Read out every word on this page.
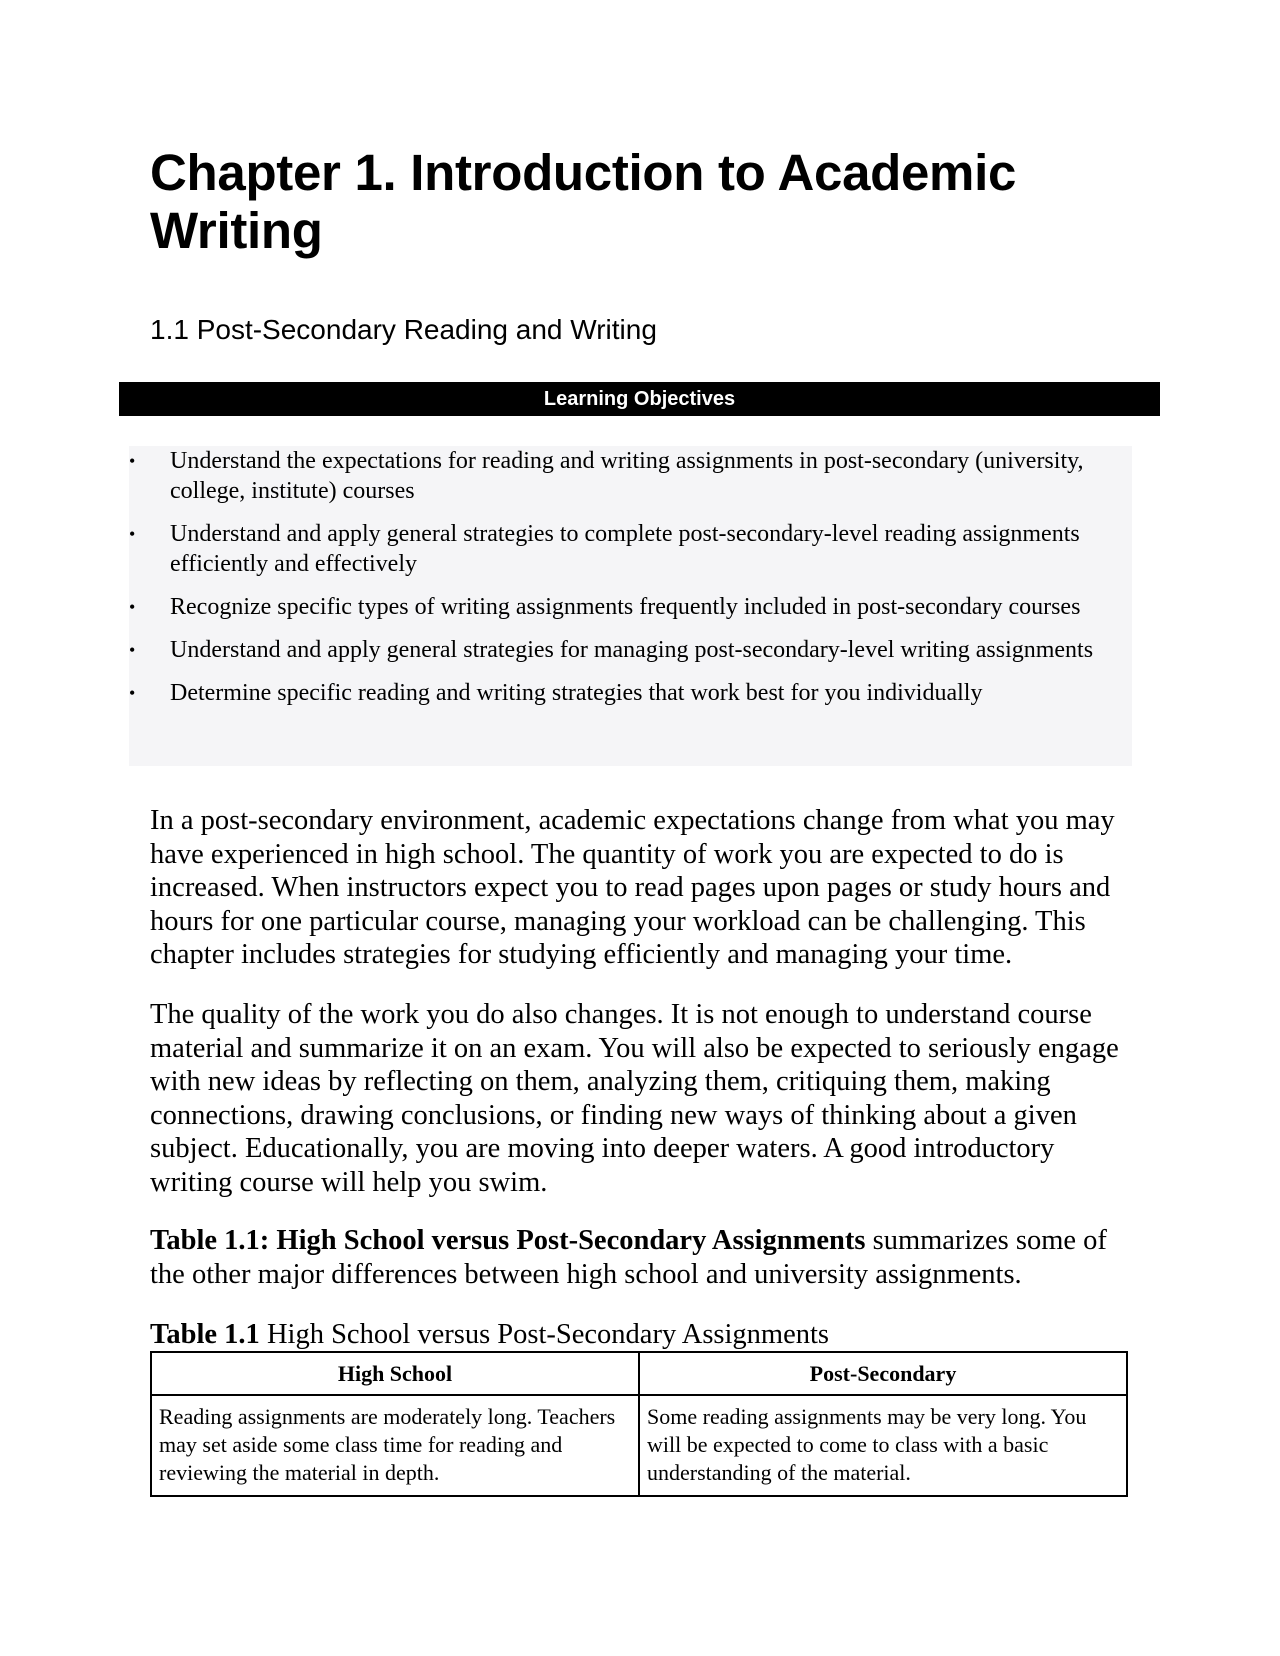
Chapter 1. Introduction to Academic Writing
1.1 Post-Secondary Reading and Writing
Learning Objectives
• Understand the expectations for reading and writing assignments in post-secondary (university, college, institute) courses
• Understand and apply general strategies to complete post-secondary-level reading assignments efficiently and effectively
• Recognize specific types of writing assignments frequently included in post-secondary courses
• Understand and apply general strategies for managing post-secondary-level writing assignments
• Determine specific reading and writing strategies that work best for you individually

In a post-secondary environment, academic expectations change from what you may have experienced in high school. The quantity of work you are expected to do is increased. When instructors expect you to read pages upon pages or study hours and hours for one particular course, managing your workload can be challenging. This chapter includes strategies for studying efficiently and managing your time.

The quality of the work you do also changes. It is not enough to understand course material and summarize it on an exam. You will also be expected to seriously engage with new ideas by reflecting on them, analyzing them, critiquing them, making connections, drawing conclusions, or finding new ways of thinking about a given subject. Educationally, you are moving into deeper waters. A good introductory writing course will help you swim.

Table 1.1: High School versus Post-Secondary Assignments summarizes some of the other major differences between high school and university assignments.

Table 1.1 High School versus Post-Secondary Assignments

High School	Post-Secondary
Reading assignments are moderately long. Teachers may set aside some class time for reading and reviewing the material in depth.	Some reading assignments may be very long. You will be expected to come to class with a basic understanding of the material.
